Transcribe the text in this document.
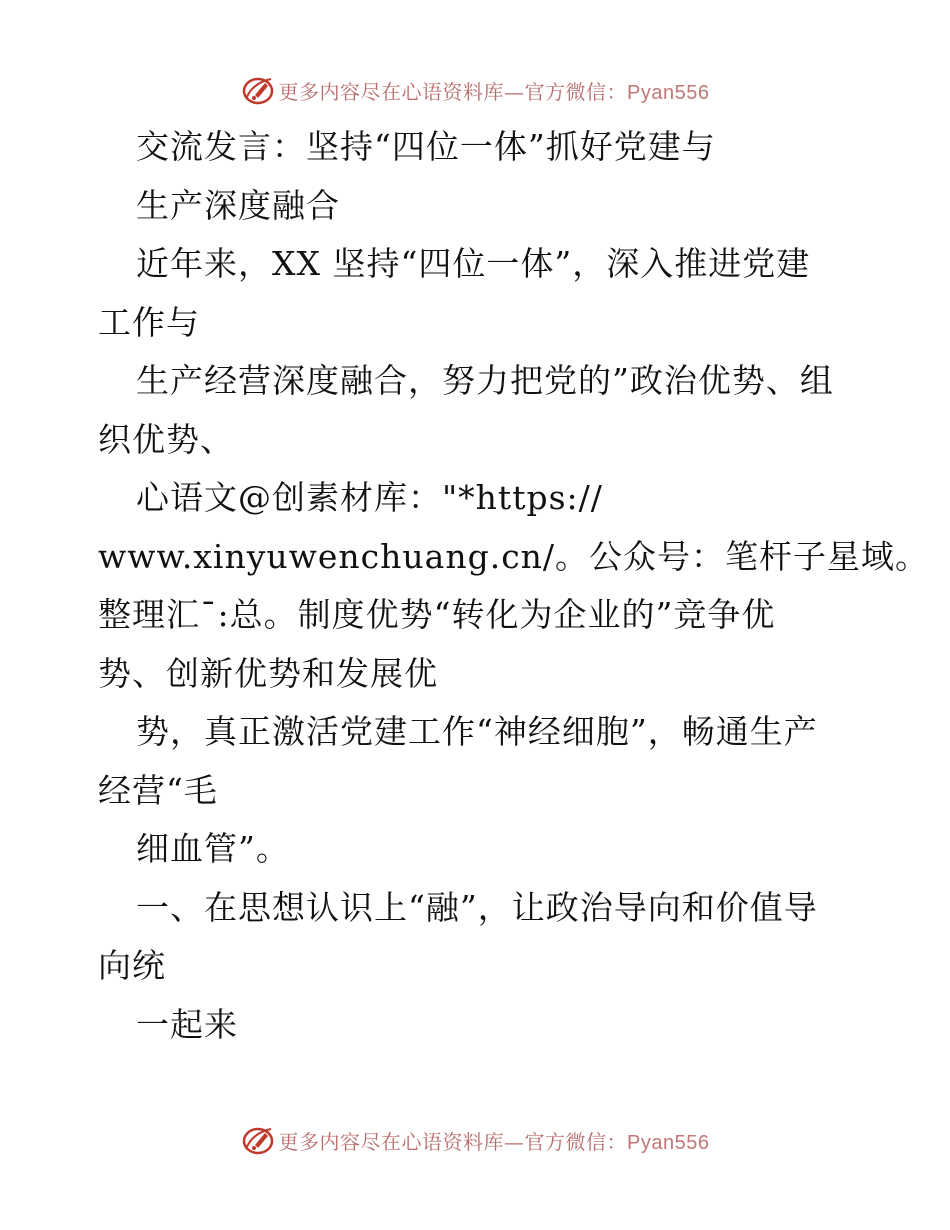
更多内容尽在心语资料库—官方微信：Pyan556
交流发言：坚持“四位一体”抓好党建与
生产深度融合
近年来，XX 坚持“四位一体”，深入推进党建
工作与
生产经营深度融合，努力把党的”政治优势、组
织优势、
心语文@创素材库："*https://
www.xinyuwenchuang.cn/。公众号：笔杆子星域。
整理汇¯:总。制度优势“转化为企业的”竞争优
势、创新优势和发展优
势，真正激活党建工作“神经细胞”，畅通生产
经营“毛
细血管”。
一、在思想认识上“融”，让政治导向和价值导
向统
一起来
更多内容尽在心语资料库—官方微信：Pyan556
